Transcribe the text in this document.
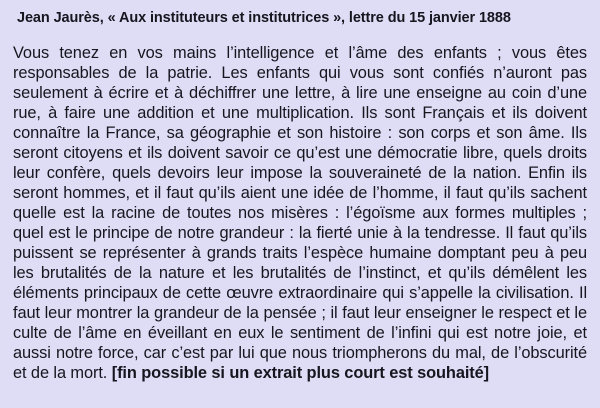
Jean Jaurès, « Aux instituteurs et institutrices », lettre du 15 janvier 1888

Vous tenez en vos mains l’intelligence et l’âme des enfants ; vous êtes responsables de la patrie. Les enfants qui vous sont confiés n’auront pas seulement à écrire et à déchiffrer une lettre, à lire une enseigne au coin d’une rue, à faire une addition et une multiplication. Ils sont Français et ils doivent connaître la France, sa géographie et son histoire : son corps et son âme. Ils seront citoyens et ils doivent savoir ce qu’est une démocratie libre, quels droits leur confère, quels devoirs leur impose la souveraineté de la nation. Enfin ils seront hommes, et il faut qu’ils aient une idée de l’homme, il faut qu’ils sachent quelle est la racine de toutes nos misères : l’égoïsme aux formes multiples ; quel est le principe de notre grandeur : la fierté unie à la tendresse. Il faut qu’ils puissent se représenter à grands traits l’espèce humaine domptant peu à peu les brutalités de la nature et les brutalités de l’instinct, et qu’ils démêlent les éléments principaux de cette œuvre extraordinaire qui s’appelle la civilisation. Il faut leur montrer la grandeur de la pensée ; il faut leur enseigner le respect et le culte de l’âme en éveillant en eux le sentiment de l’infini qui est notre joie, et aussi notre force, car c’est par lui que nous triompherons du mal, de l’obscurité et de la mort. [fin possible si un extrait plus court est souhaité]
